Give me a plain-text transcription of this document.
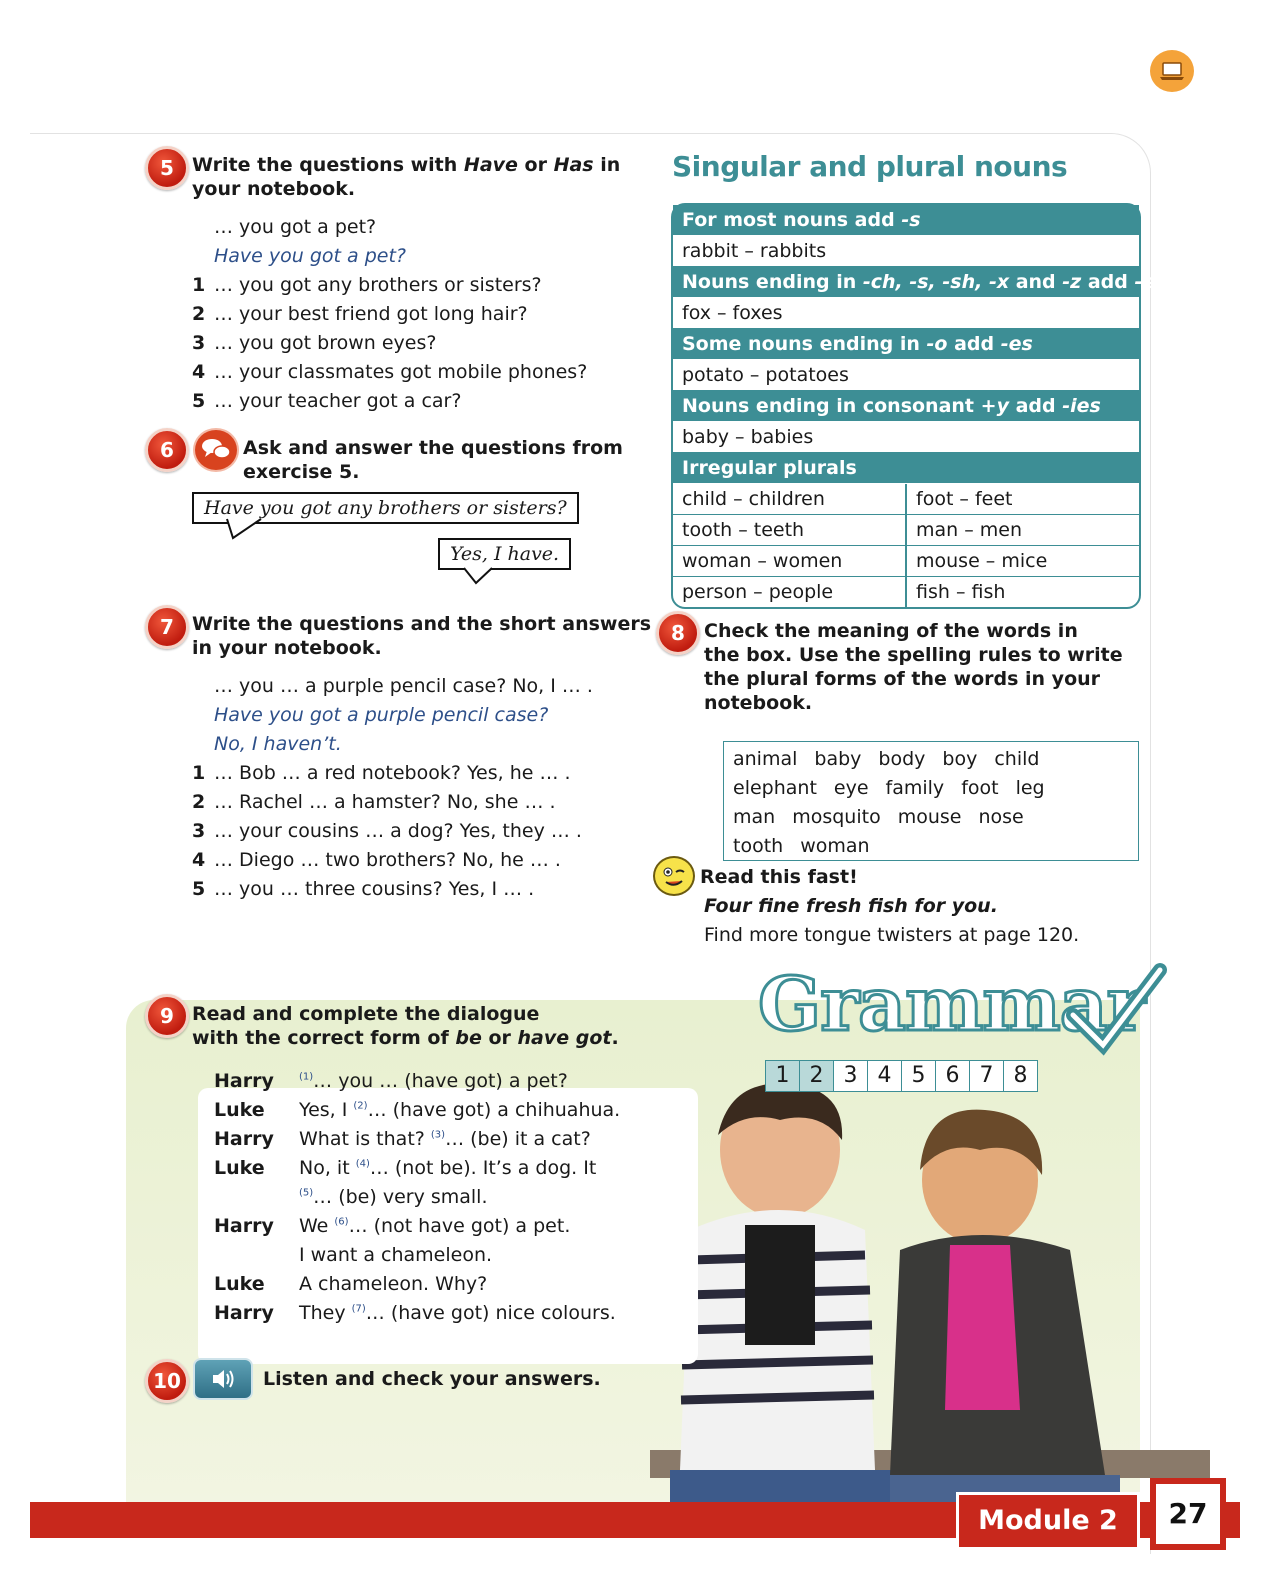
5 Write the questions with Have or Has in
your notebook.
… you got a pet?
Have you got a pet?
1 … you got any brothers or sisters?
2 … your best friend got long hair?
3 … you got brown eyes?
4 … your classmates got mobile phones?
5 … your teacher got a car?
6	Ask and answer the questions from
exercise 5.
Have you got any brothers or sisters?
Yes, I have.
7 Write the questions and the short answers
in your notebook.
… you … a purple pencil case? No, I … .
Have you got a purple pencil case?
No, I haven’t.
1 … Bob … a red notebook? Yes, he … .
2 … Rachel … a hamster? No, she … .
3 … your cousins … a dog? Yes, they … .
4 … Diego … two brothers? No, he … .
5 … you … three cousins? Yes, I … .
Singular and plural nouns
For most nouns add -s
rabbit – rabbits
Nouns ending in -ch, -s, -sh, -x and -z add -es
fox – foxes
Some nouns ending in -o add -es
potato – potatoes
Nouns ending in consonant +y add -ies
baby – babies
Irregular plurals
child – children	foot – feet
tooth – teeth	man – men
woman – women	mouse – mice
person – people	fish – fish
8	Check the meaning of the words in
the box. Use the spelling rules to write
the plural forms of the words in your
notebook.
animal baby body boy child
elephant eye family foot leg
man mosquito mouse nose
tooth woman
Read this fast!
Four fine fresh fish for you.
Find more tongue twisters at page 120.
9 Read and complete the dialogue
with the correct form of be or have got.
Harry	$^{(1)}$… you … (have got) a pet?
Luke Yes, I $^{(2)}$… (have got) a chihuahua.
Harry What is that? $^{(3)}$… (be) it a cat?
Luke No, it $^{(4)}$… (not be). It’s a dog. It
$^{(5)}$… (be) very small.
Harry We $^{(6)}$… (not have got) a pet.
I want a chameleon.
Luke A chameleon. Why?
Harry They $^{(7)}$… (have got) nice colours.
10	Listen and check your answers.
Grammar
1 2 3 4 5 6 7 8
Module 2	27
